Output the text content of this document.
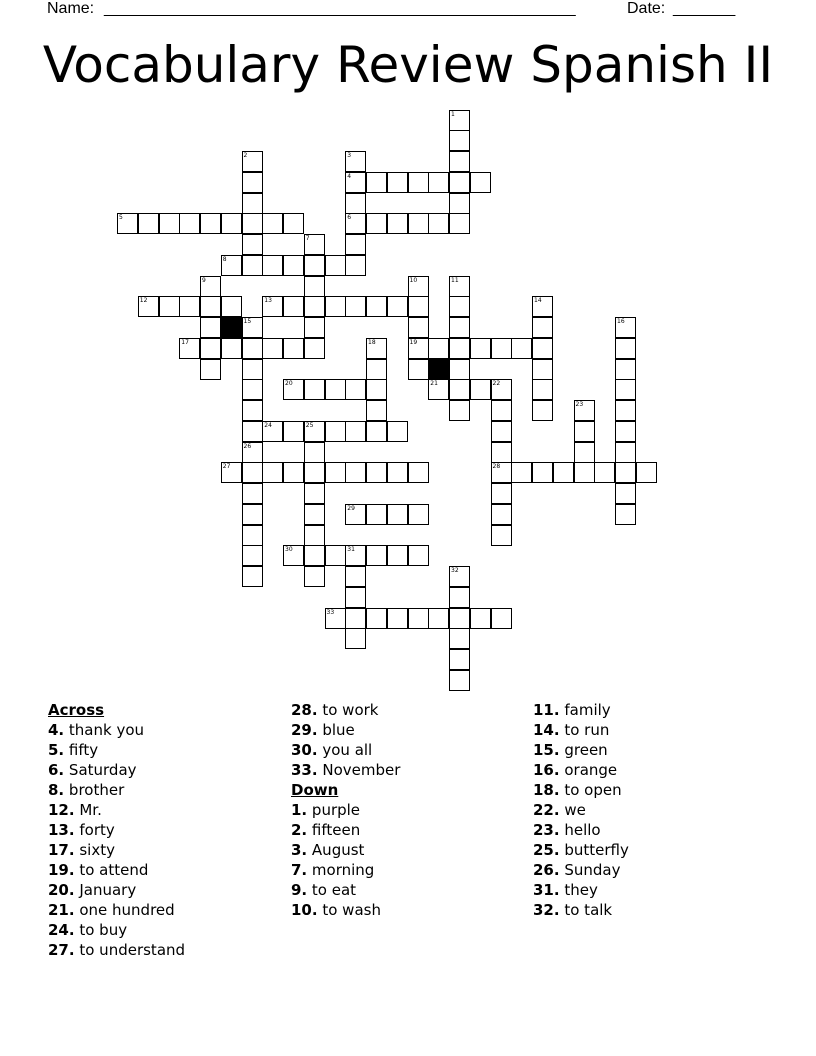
Name: _____________________________________________________	Date: _______
Vocabulary Review Spanish II
4
5	6
8
12	13
17	19
20	21	22
24	25
27	28
29
30	31
33
1
2	3
7
9	10	11
14
15	16
18
23
26
32
Across
4. thank you
5. fifty
6. Saturday
8. brother
12. Mr.
13. forty
17. sixty
19. to attend
20. January
21. one hundred
24. to buy
27. to understand
28. to work
29. blue
30. you all
33. November
Down
1. purple
2. fifteen
3. August
7. morning
9. to eat
10. to wash
11. family
14. to run
15. green
16. orange
18. to open
22. we
23. hello
25. butterfly
26. Sunday
31. they
32. to talk
